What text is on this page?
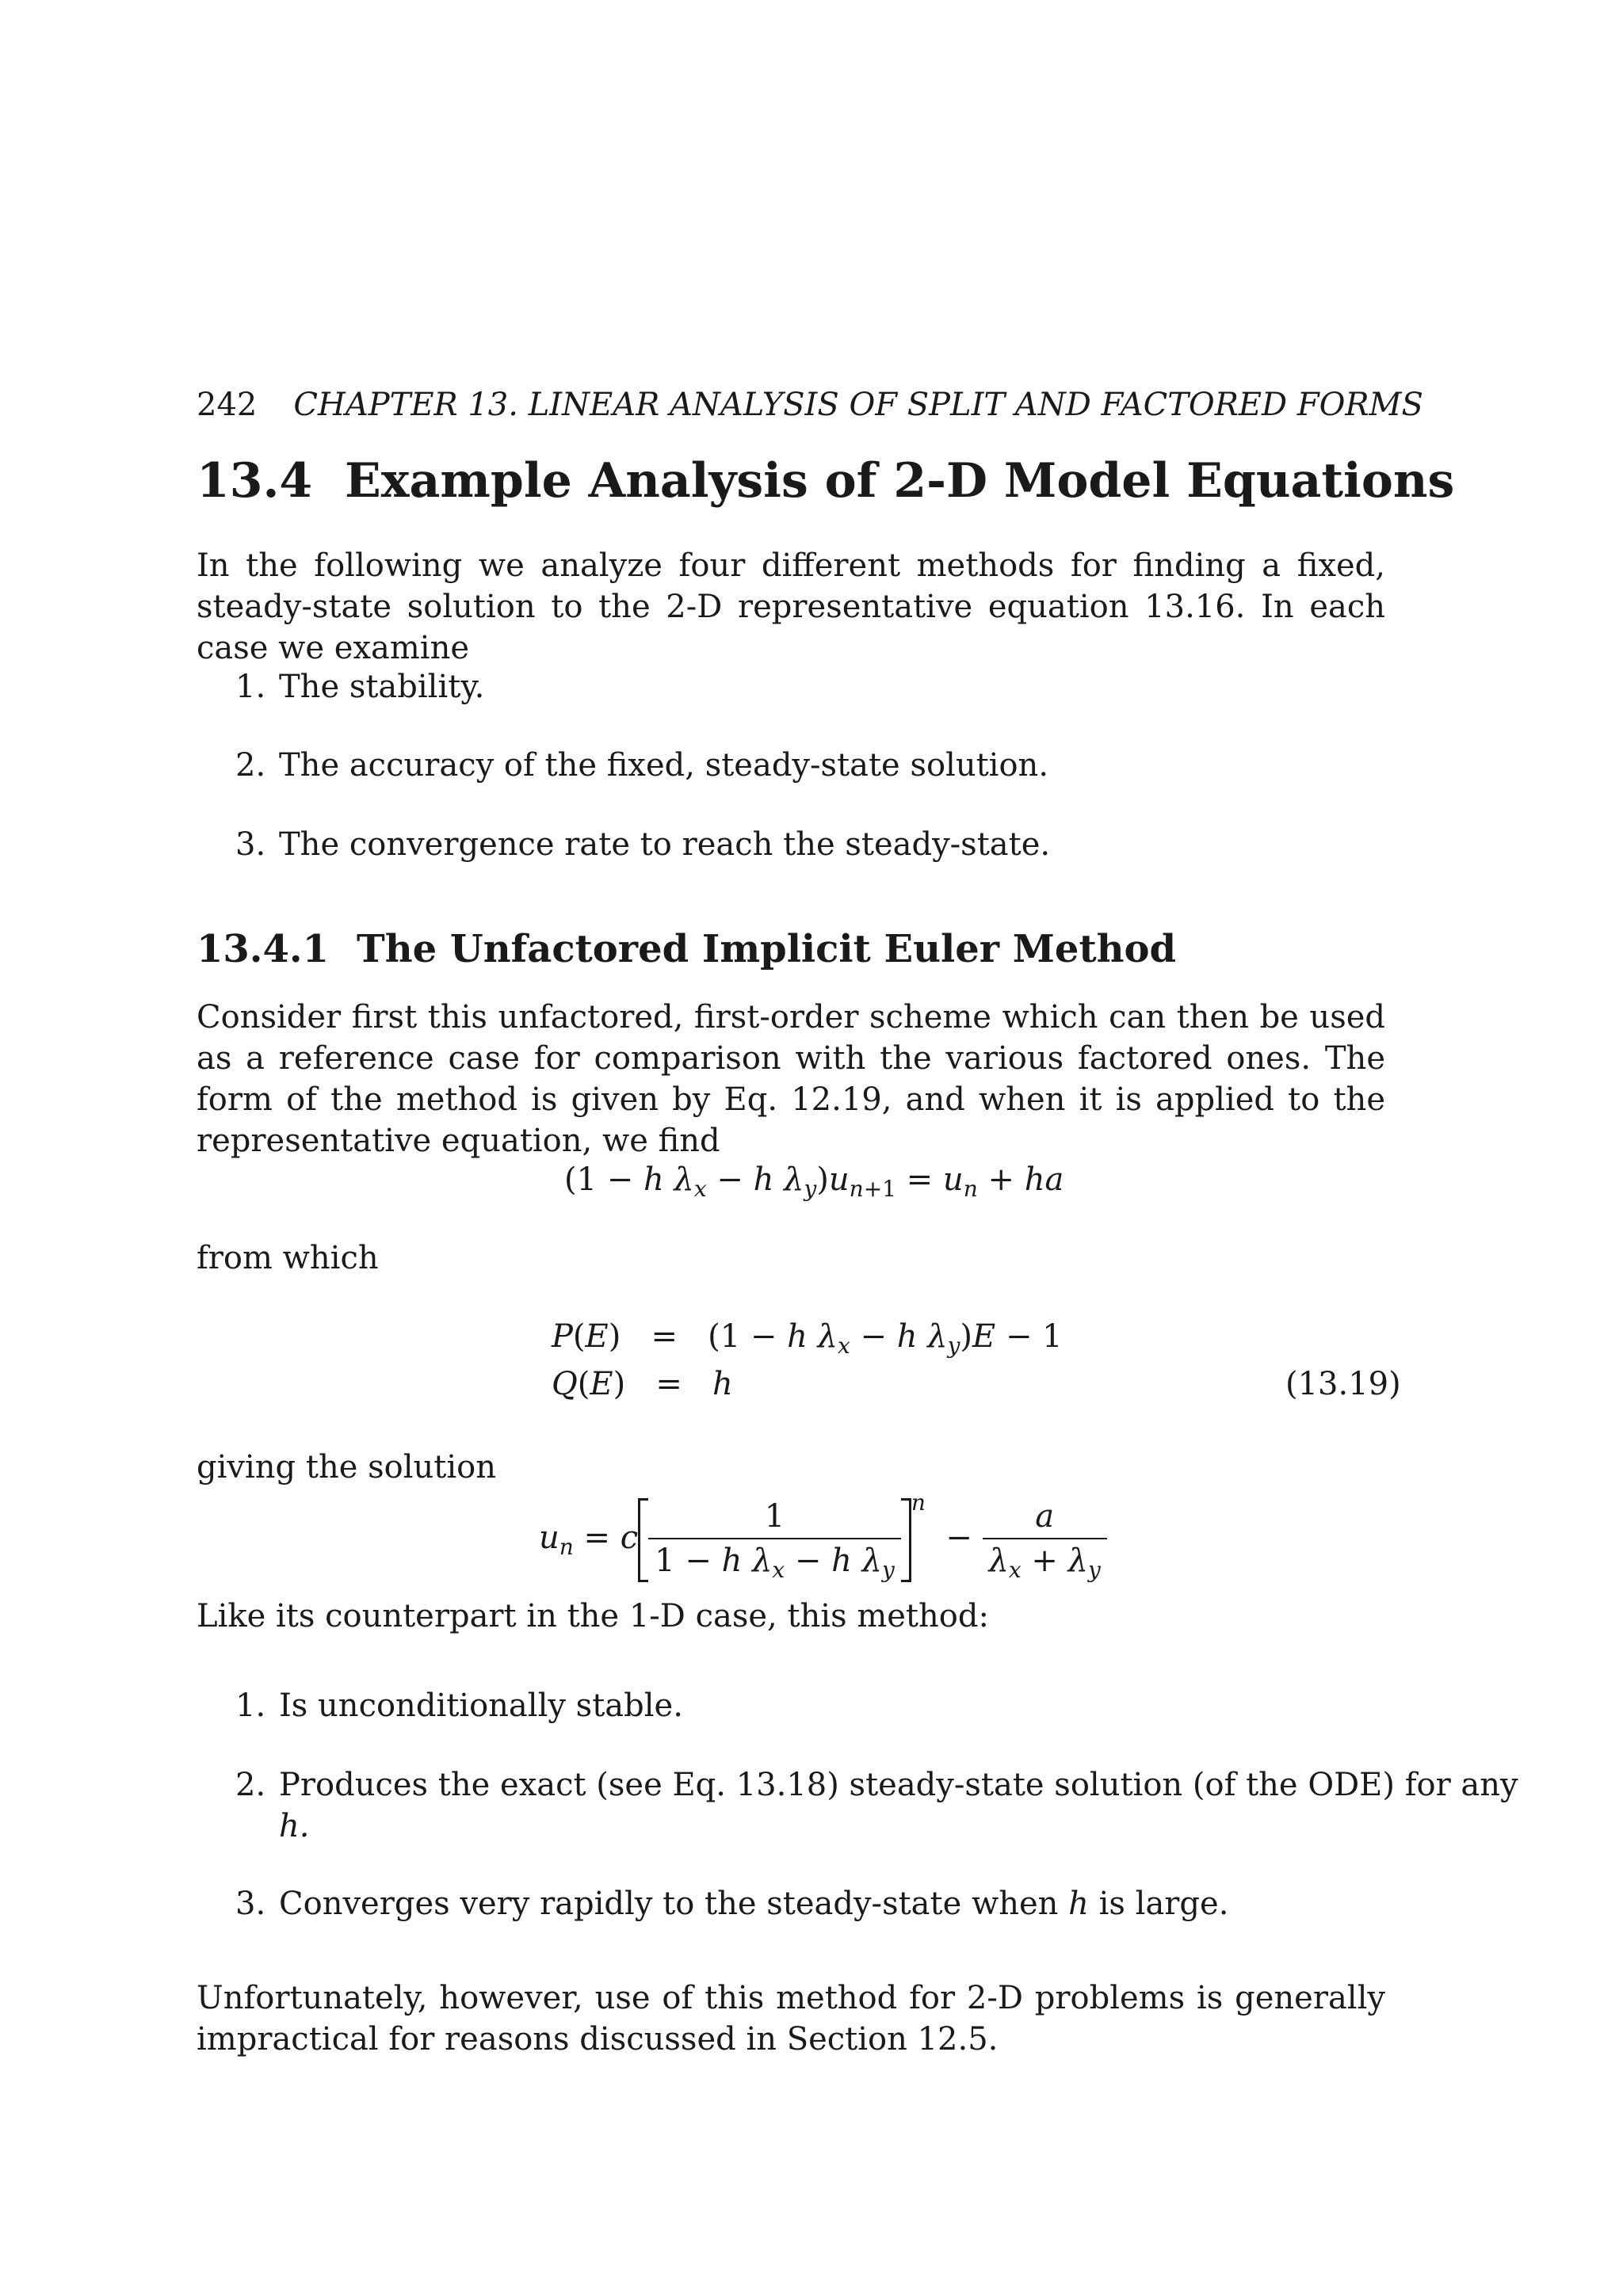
242 CHAPTER 13. LINEAR ANALYSIS OF SPLIT AND FACTORED FORMS
13.4 Example Analysis of 2-D Model Equations
In the following we analyze four different methods for finding a fixed, steady-state solution to the 2-D representative equation 13.16. In each case we examine
1. The stability.
2. The accuracy of the fixed, steady-state solution.
3. The convergence rate to reach the steady-state.
13.4.1 The Unfactored Implicit Euler Method
Consider first this unfactored, first-order scheme which can then be used as a reference case for comparison with the various factored ones. The form of the method is given by Eq. 12.19, and when it is applied to the representative equation, we find
(1 − h $\lambda_x - h$ $\lambda_y)u_{n+1} = u_n$ + ha
from which
P(E)   =   (1 − h $\lambda_x - h$ $\lambda_y)E - 1$
Q(E)   =   h	(13.19)
giving the solution
$u_n = c \frac{1}{1 - h \lambda_x - h \lambda_y} ^n - \frac{a}{\lambda_x + \lambda_y}$
Like its counterpart in the 1-D case, this method:
1. Is unconditionally stable.
2. Produces the exact (see Eq. 13.18) steady-state solution (of the ODE) for any
h.
3. Converges very rapidly to the steady-state when h is large.
Unfortunately, however, use of this method for 2-D problems is generally impractical for reasons discussed in Section 12.5.
